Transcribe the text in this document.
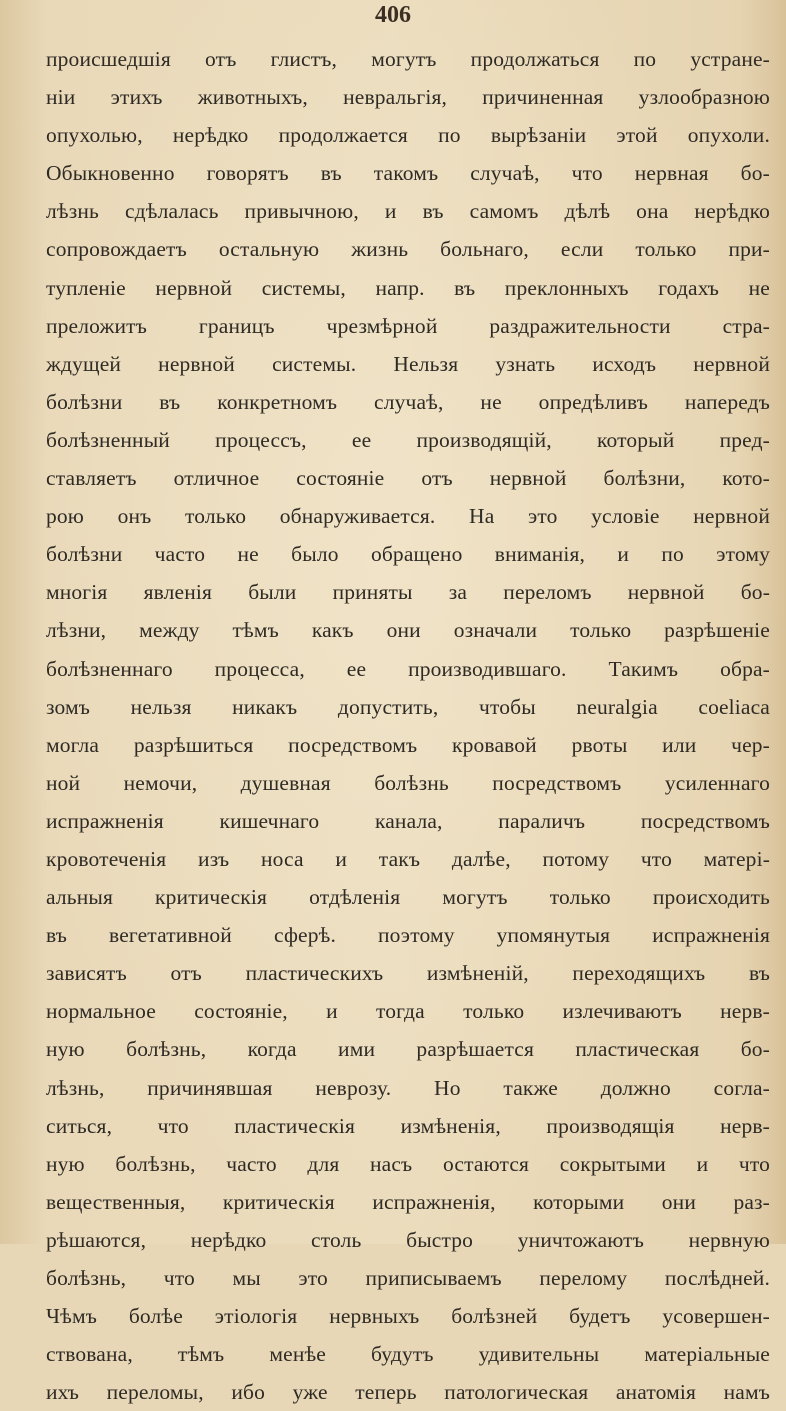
406
происшедшія отъ глистъ, могутъ продолжаться по устране-
ніи этихъ животныхъ, невральгія, причиненная узлообразною
опухолью, нерѣдко продолжается по вырѣзаніи этой опухоли.
Обыкновенно говорятъ въ такомъ случаѣ, что нервная бо-
лѣзнь сдѣлалась привычною, и въ самомъ дѣлѣ она нерѣдко
сопровождаетъ остальную жизнь больнаго, если только при-
тупленіе нервной системы, напр. въ преклонныхъ годахъ не
преложитъ границъ чрезмѣрной раздражительности стра-
ждущей нервной системы. Нельзя узнать исходъ нервной
болѣзни въ конкретномъ случаѣ, не опредѣливъ напередъ
болѣзненный процессъ, ее производящій, который пред-
ставляетъ отличное состояніе отъ нервной болѣзни, кото-
рою онъ только обнаруживается. На это условіе нервной
болѣзни часто не было обращено вниманія, и по этому
многія явленія были приняты за переломъ нервной бо-
лѣзни, между тѣмъ какъ они означали только разрѣшеніе
болѣзненнаго процесса, ее производившаго. Такимъ обра-
зомъ нельзя никакъ допустить, чтобы neuralgia coeliaca
могла разрѣшиться посредствомъ кровавой рвоты или чер-
ной немочи, душевная болѣзнь посредствомъ усиленнаго
испражненія кишечнаго канала, параличъ посредствомъ
кровотеченія изъ носа и такъ далѣе, потому что матері-
альныя критическія отдѣленія могутъ только происходить
въ вегетативной сферѣ. поэтому упомянутыя испражненія
зависятъ отъ пластическихъ измѣненій, переходящихъ въ
нормальное состояніе, и тогда только излечиваютъ нерв-
ную болѣзнь, когда ими разрѣшается пластическая бо-
лѣзнь, причинявшая неврозу. Но также должно согла-
ситься, что пластическія измѣненія, производящія нерв-
ную болѣзнь, часто для насъ остаются сокрытыми и что
вещественныя, критическія испражненія, которыми они раз-
рѣшаются, нерѣдко столь быстро уничтожаютъ нервную
болѣзнь, что мы это приписываемъ перелому послѣдней.
Чѣмъ болѣе этіологія нервныхъ болѣзней будетъ усовершен-
ствована, тѣмъ менѣе будутъ удивительны матеріальные
ихъ переломы, ибо уже теперь патологическая анатомія намъ
